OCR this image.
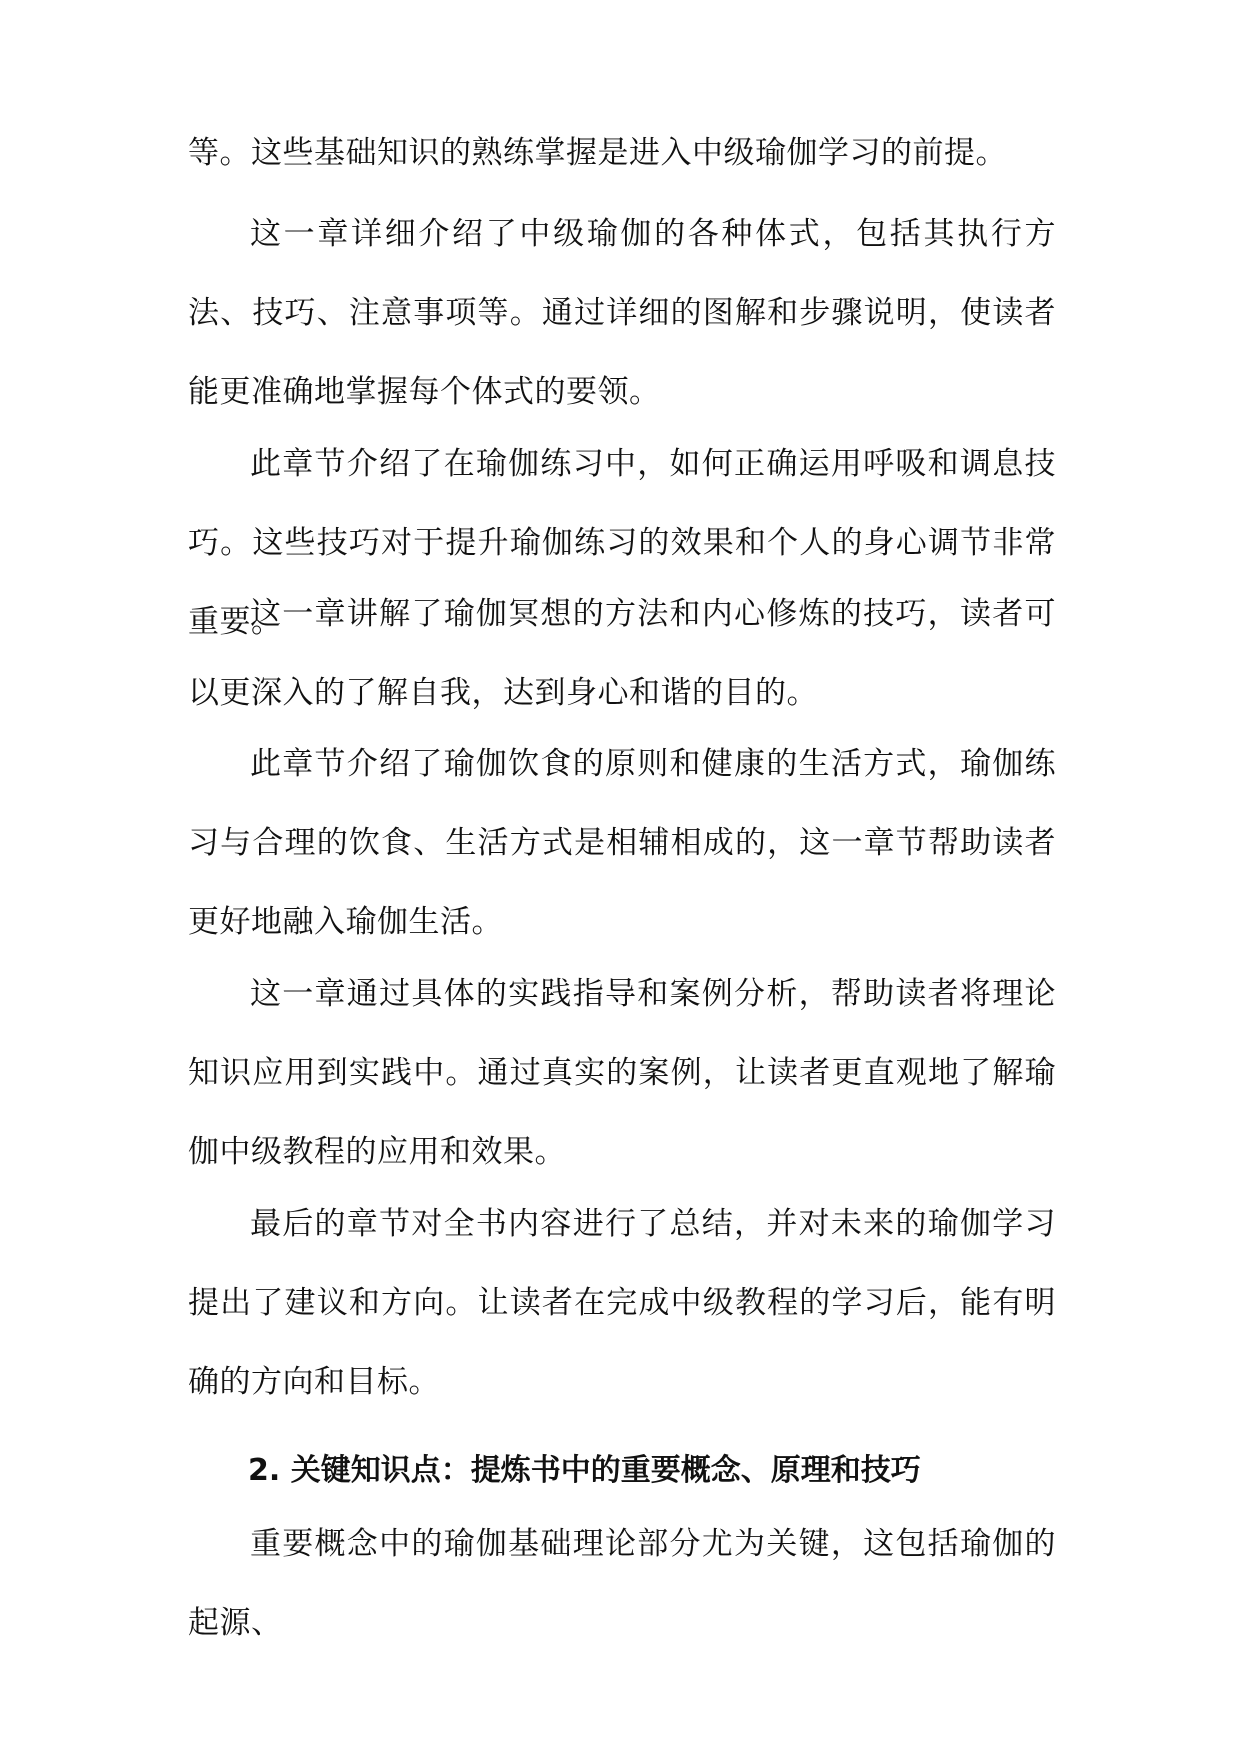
等。这些基础知识的熟练掌握是进入中级瑜伽学习的前提。

这一章详细介绍了中级瑜伽的各种体式，包括其执行方法、技巧、注意事项等。通过详细的图解和步骤说明，使读者能更准确地掌握每个体式的要领。

此章节介绍了在瑜伽练习中，如何正确运用呼吸和调息技巧。这些技巧对于提升瑜伽练习的效果和个人的身心调节非常重要。

这一章讲解了瑜伽冥想的方法和内心修炼的技巧，读者可以更深入的了解自我，达到身心和谐的目的。

此章节介绍了瑜伽饮食的原则和健康的生活方式，瑜伽练习与合理的饮食、生活方式是相辅相成的，这一章节帮助读者更好地融入瑜伽生活。

这一章通过具体的实践指导和案例分析，帮助读者将理论知识应用到实践中。通过真实的案例，让读者更直观地了解瑜伽中级教程的应用和效果。

最后的章节对全书内容进行了总结，并对未来的瑜伽学习提出了建议和方向。让读者在完成中级教程的学习后，能有明确的方向和目标。

2. 关键知识点：提炼书中的重要概念、原理和技巧

重要概念中的瑜伽基础理论部分尤为关键，这包括瑜伽的起源、
